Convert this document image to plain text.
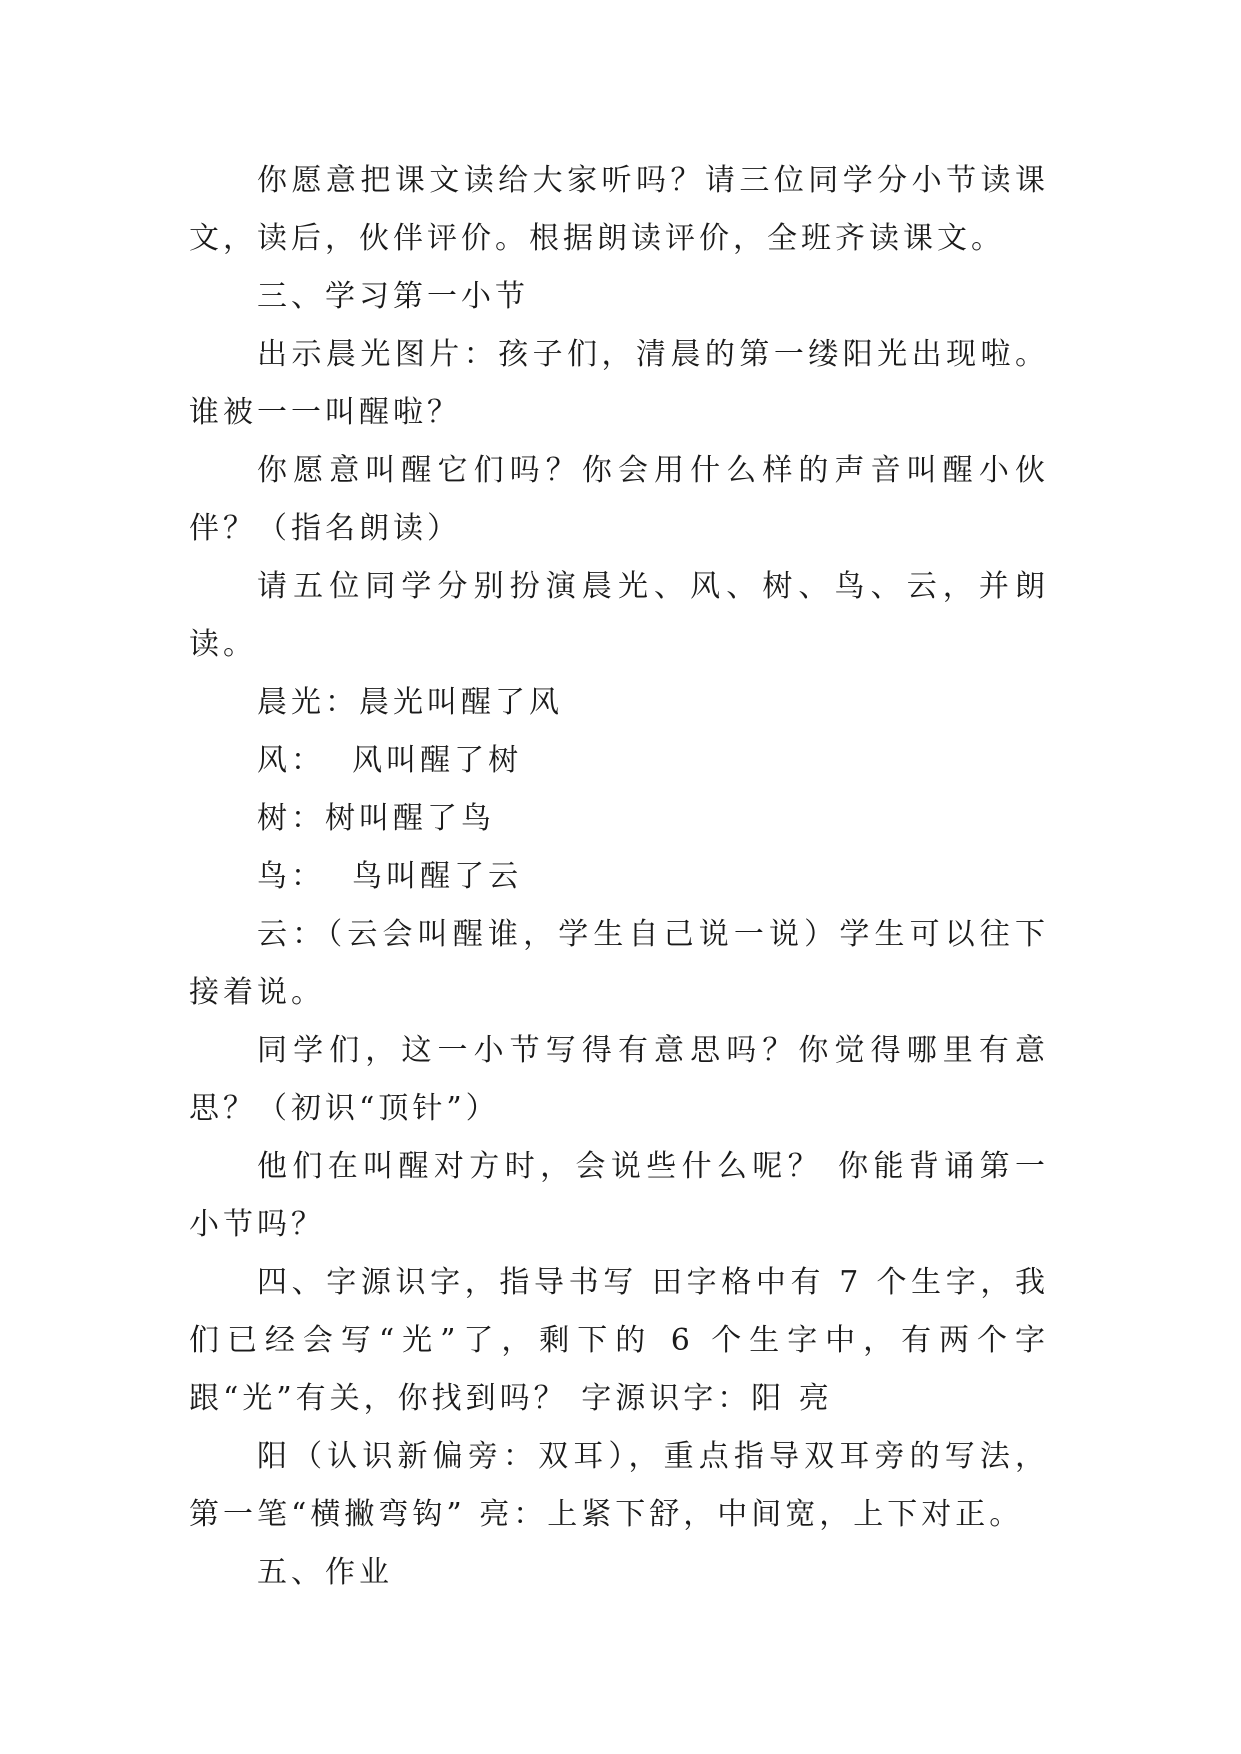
你愿意把课文读给大家听吗？请三位同学分小节读课文，读后，伙伴评价。根据朗读评价，全班齐读课文。

三、学习第一小节

出示晨光图片：孩子们，清晨的第一缕阳光出现啦。谁被一一叫醒啦？

你愿意叫醒它们吗？你会用什么样的声音叫醒小伙伴？（指名朗读）

请五位同学分别扮演晨光、风、树、鸟、云，并朗读。

晨光：晨光叫醒了风

风：  风叫醒了树

树：树叫醒了鸟

鸟：  鸟叫醒了云

云：（云会叫醒谁，学生自己说一说）学生可以往下接着说。

同学们，这一小节写得有意思吗？你觉得哪里有意思？（初识“顶针”）

他们在叫醒对方时，会说些什么呢？ 你能背诵第一小节吗？

四、字源识字，指导书写 田字格中有 7 个生字，我们已经会写“光”了，剩下的 6 个生字中，有两个字跟“光”有关，你找到吗？ 字源识字：阳 亮

阳（认识新偏旁：双耳），重点指导双耳旁的写法，第一笔“横撇弯钩” 亮：上紧下舒，中间宽，上下对正。

五、作业
